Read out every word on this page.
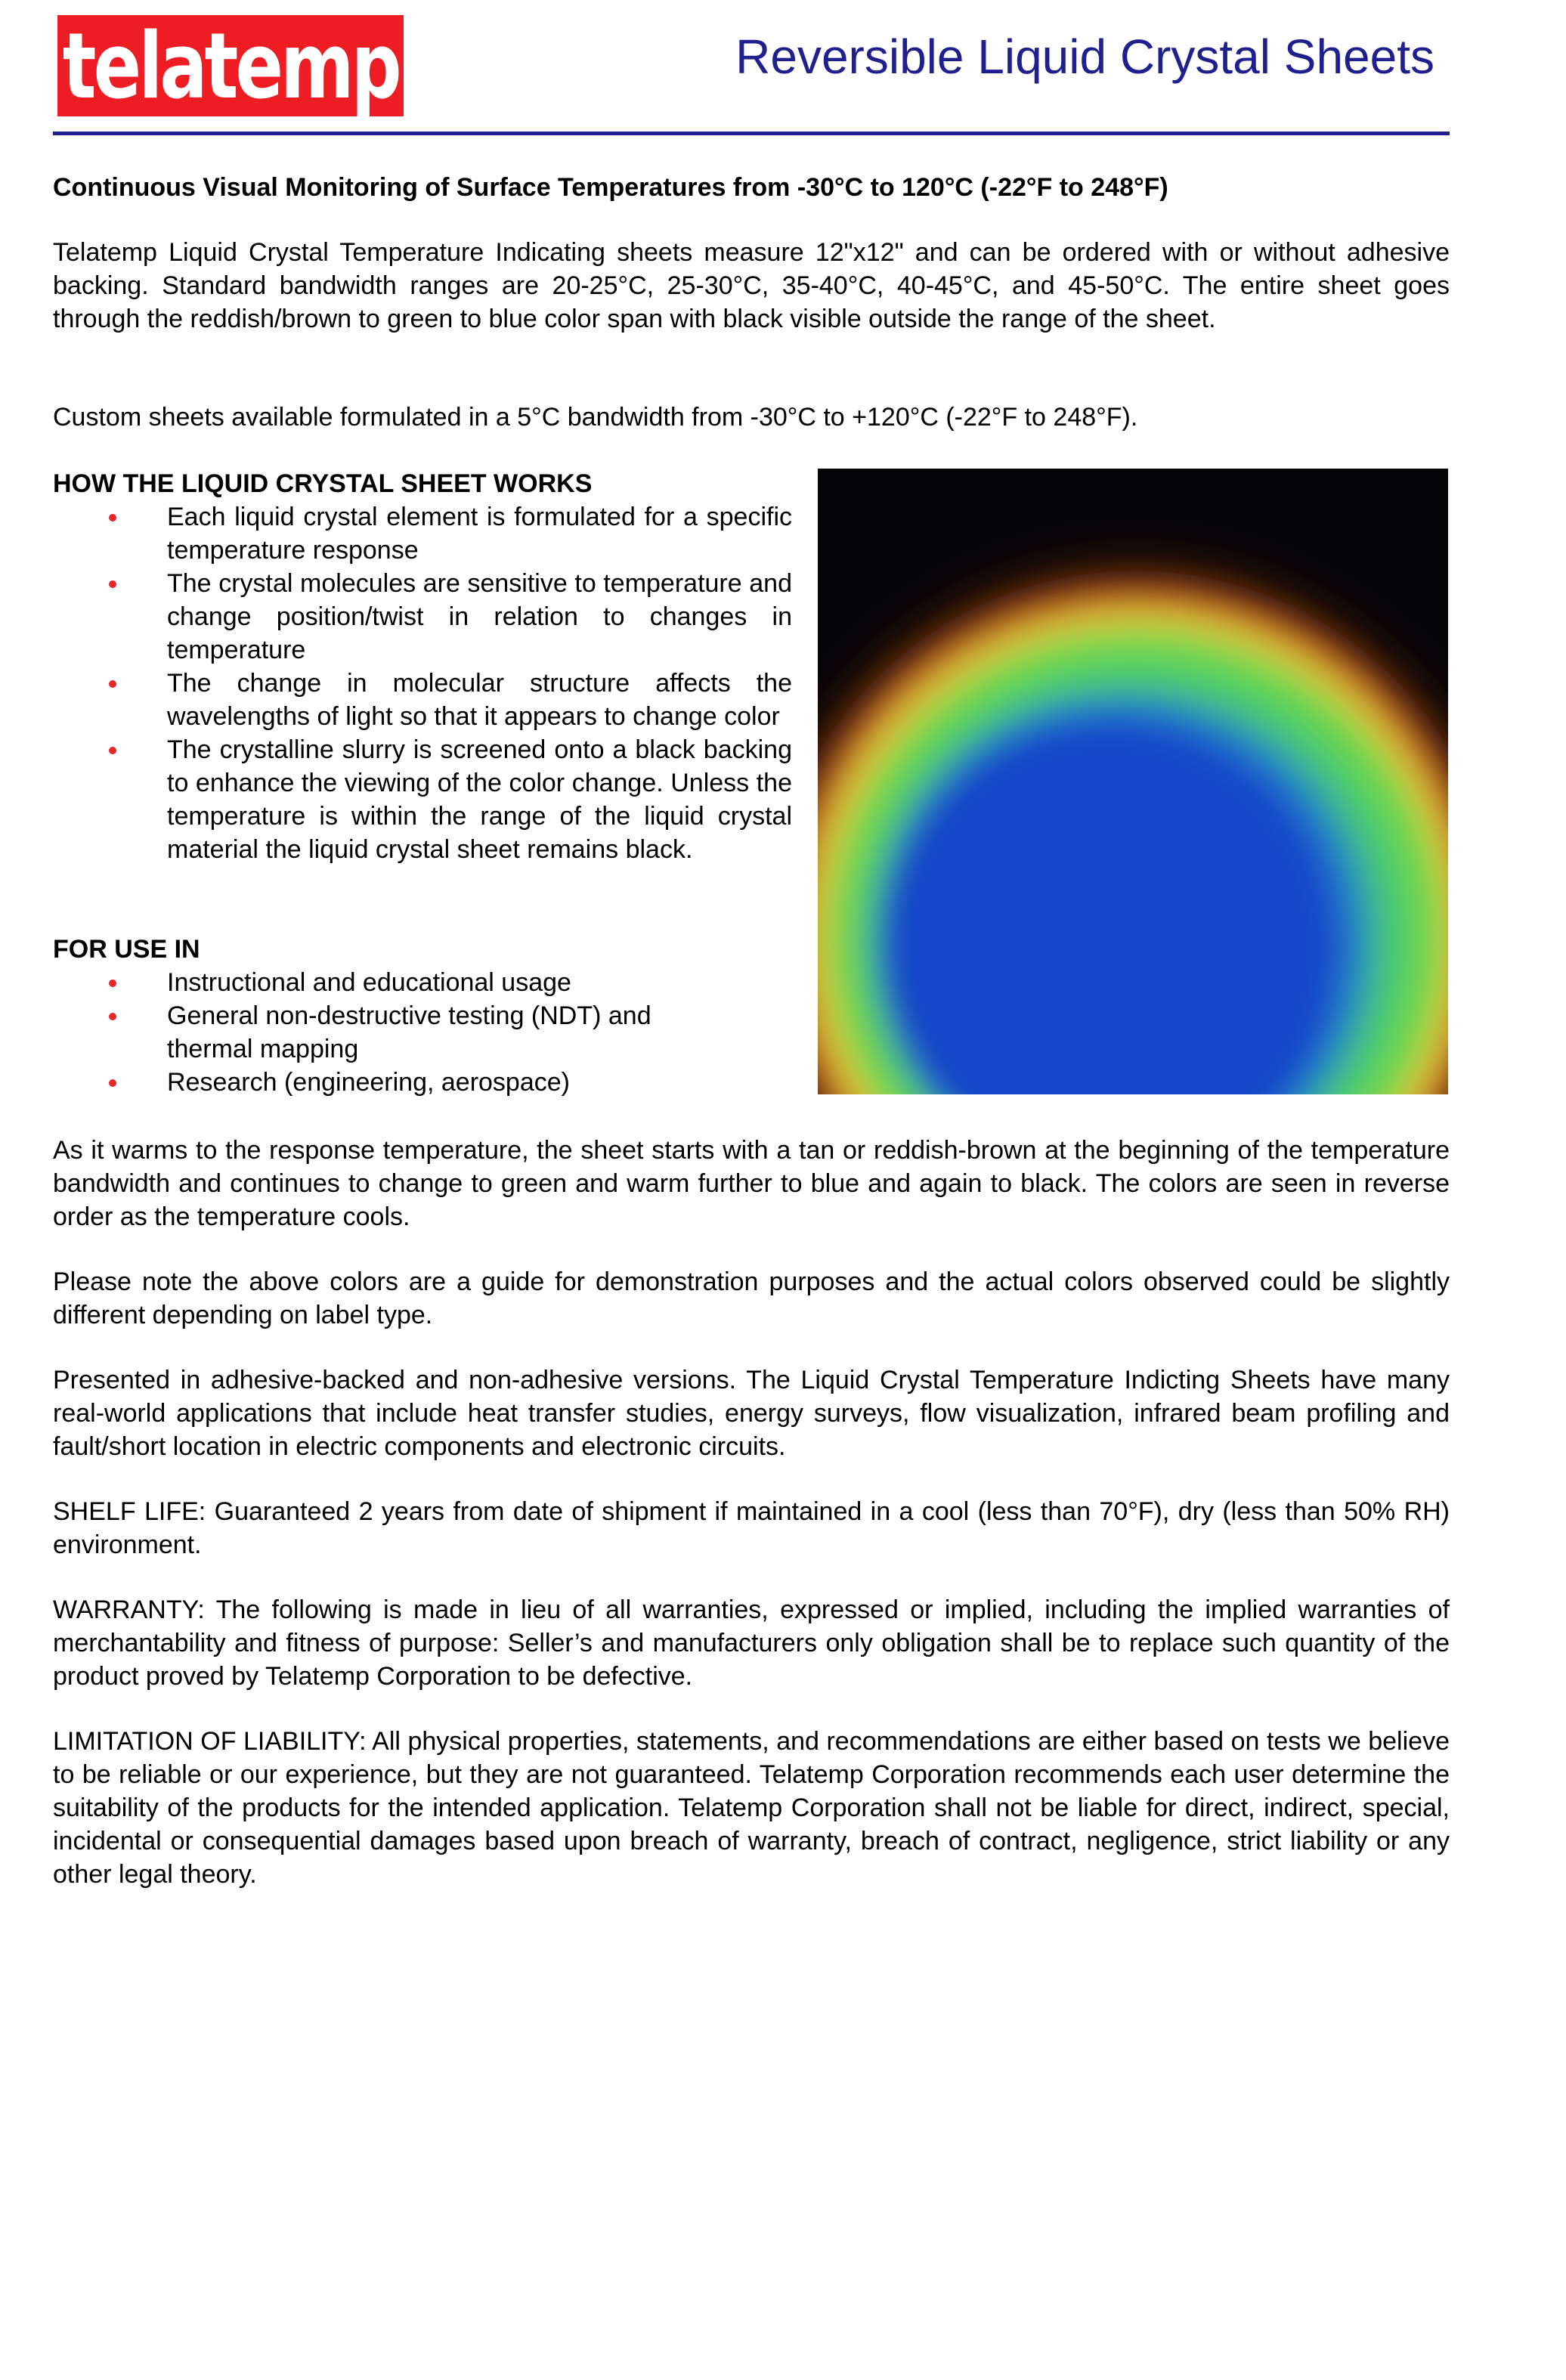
telatemp	Reversible Liquid Crystal Sheets

Continuous Visual Monitoring of Surface Temperatures from -30°C to 120°C (-22°F to 248°F)

Telatemp Liquid Crystal Temperature Indicating sheets measure 12"x12" and can be ordered with or without adhesive backing. Standard bandwidth ranges are 20-25°C, 25-30°C, 35-40°C, 40-45°C, and 45-50°C. The entire sheet goes through the reddish/brown to green to blue color span with black visible outside the range of the sheet.

Custom sheets available formulated in a 5°C bandwidth from -30°C to +120°C (-22°F to 248°F).

HOW THE LIQUID CRYSTAL SHEET WORKS

Each liquid crystal element is formulated for a specific temperature response
The crystal molecules are sensitive to temperature and change position/twist in relation to changes in temperature
The change in molecular structure affects the wavelengths of light so that it appears to change color
The crystalline slurry is screened onto a black backing to enhance the viewing of the color change. Unless the temperature is within the range of the liquid crystal material the liquid crystal sheet remains black.

FOR USE IN

Instructional and educational usage
General non-destructive testing (NDT) and thermal mapping
Research (engineering, aerospace)

As it warms to the response temperature, the sheet starts with a tan or reddish-brown at the beginning of the temperature bandwidth and continues to change to green and warm further to blue and again to black. The colors are seen in reverse order as the temperature cools.

Please note the above colors are a guide for demonstration purposes and the actual colors observed could be slightly different depending on label type.

Presented in adhesive-backed and non-adhesive versions. The Liquid Crystal Temperature Indicting Sheets have many real-world applications that include heat transfer studies, energy surveys, flow visualization, infrared beam profiling and fault/short location in electric components and electronic circuits.

SHELF LIFE: Guaranteed 2 years from date of shipment if maintained in a cool (less than 70°F), dry (less than 50% RH) environment.

WARRANTY: The following is made in lieu of all warranties, expressed or implied, including the implied warranties of merchantability and fitness of purpose: Seller’s and manufacturers only obligation shall be to replace such quantity of the product proved by Telatemp Corporation to be defective.

LIMITATION OF LIABILITY: All physical properties, statements, and recommendations are either based on tests we believe to be reliable or our experience, but they are not guaranteed. Telatemp Corporation recommends each user determine the suitability of the products for the intended application. Telatemp Corporation shall not be liable for direct, indirect, special, incidental or consequential damages based upon breach of warranty, breach of contract, negligence, strict liability or any other legal theory.
